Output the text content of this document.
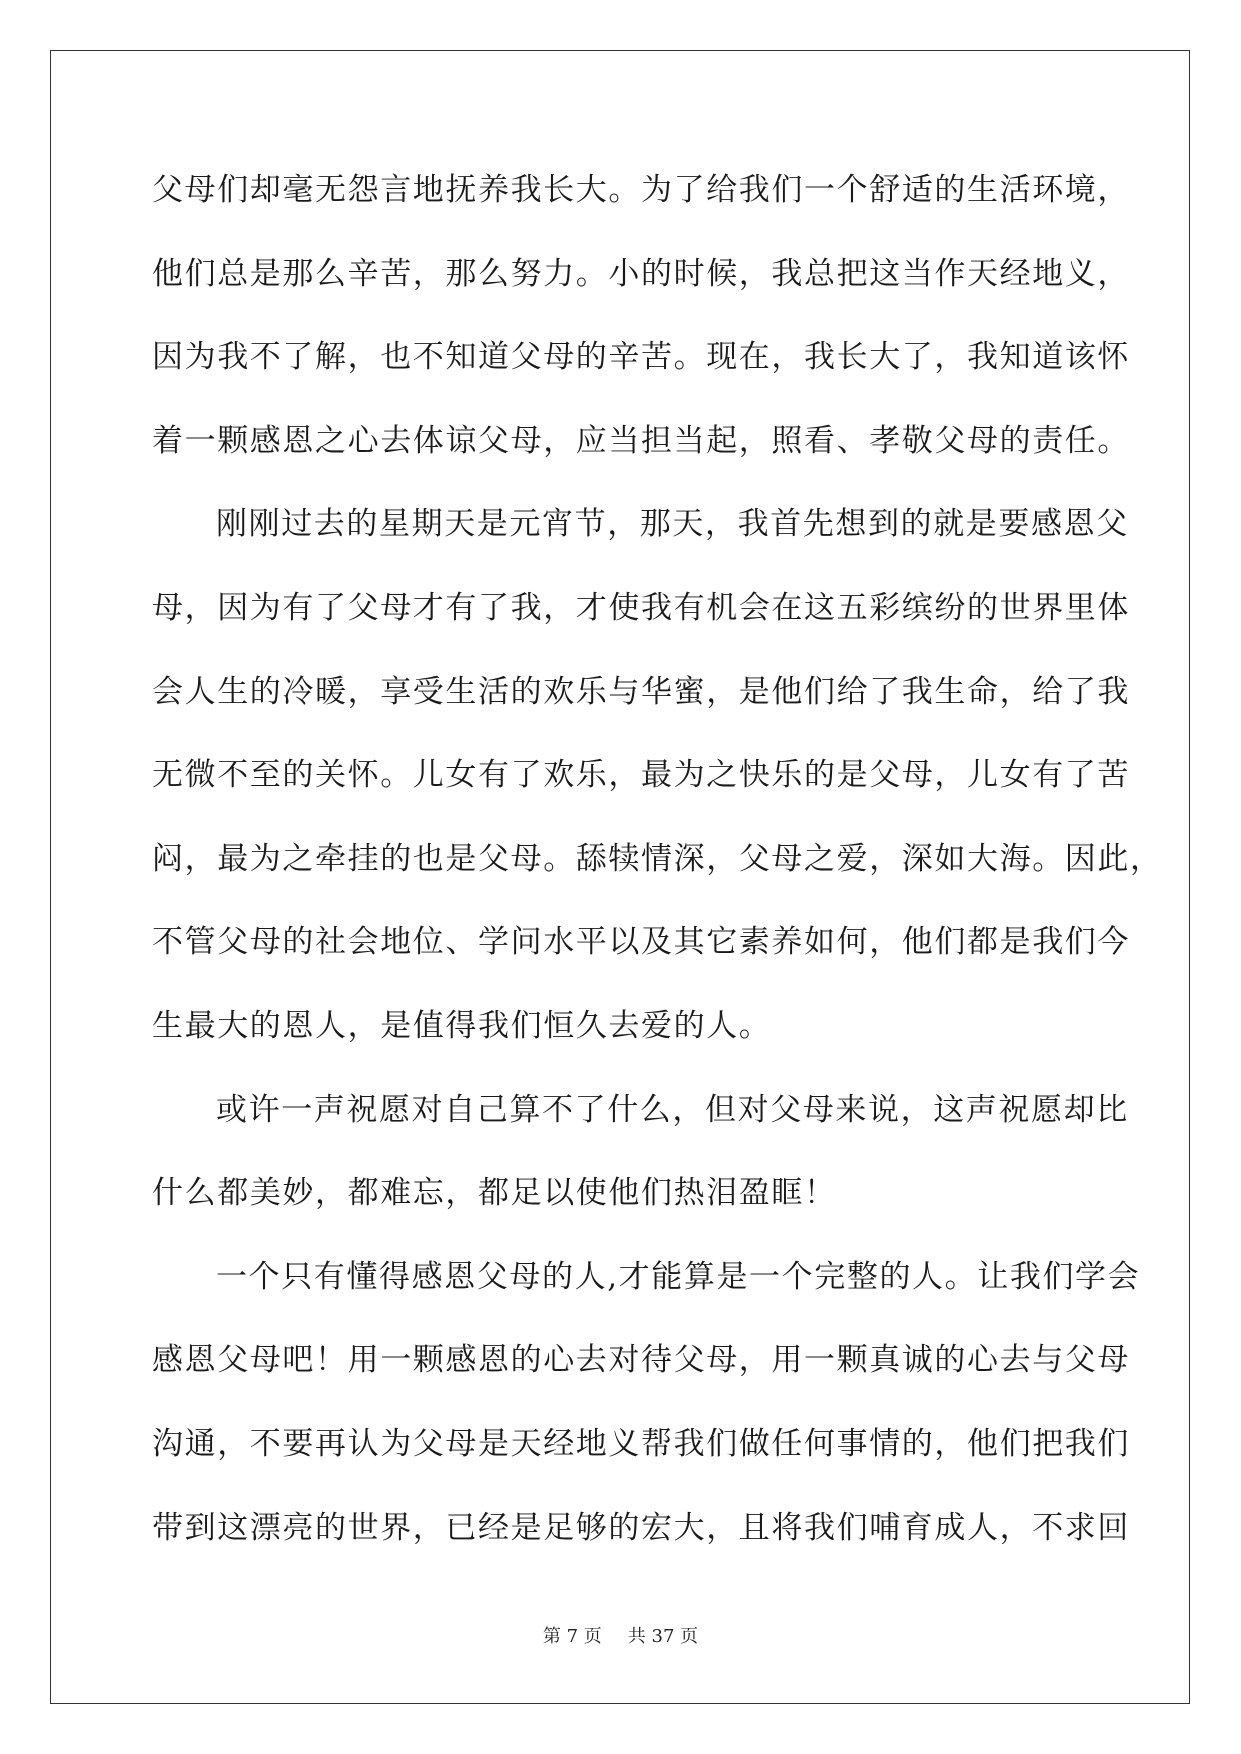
父母们却毫无怨言地抚养我长大。为了给我们一个舒适的生活环境，
他们总是那么辛苦，那么努力。小的时候，我总把这当作天经地义，
因为我不了解，也不知道父母的辛苦。现在，我长大了，我知道该怀
着一颗感恩之心去体谅父母，应当担当起，照看、孝敬父母的责任。
刚刚过去的星期天是元宵节，那天，我首先想到的就是要感恩父
母，因为有了父母才有了我，才使我有机会在这五彩缤纷的世界里体
会人生的冷暖，享受生活的欢乐与华蜜，是他们给了我生命，给了我
无微不至的关怀。儿女有了欢乐，最为之快乐的是父母，儿女有了苦
闷，最为之牵挂的也是父母。舔犊情深，父母之爱，深如大海。因此，
不管父母的社会地位、学问水平以及其它素养如何，他们都是我们今
生最大的恩人，是值得我们恒久去爱的人。
或许一声祝愿对自己算不了什么，但对父母来说，这声祝愿却比
什么都美妙，都难忘，都足以使他们热泪盈眶！
一个只有懂得感恩父母的人,才能算是一个完整的人。让我们学会
感恩父母吧！用一颗感恩的心去对待父母，用一颗真诚的心去与父母
沟通，不要再认为父母是天经地义帮我们做任何事情的，他们把我们
带到这漂亮的世界，已经是足够的宏大，且将我们哺育成人，不求回
第 7 页 共 37 页
